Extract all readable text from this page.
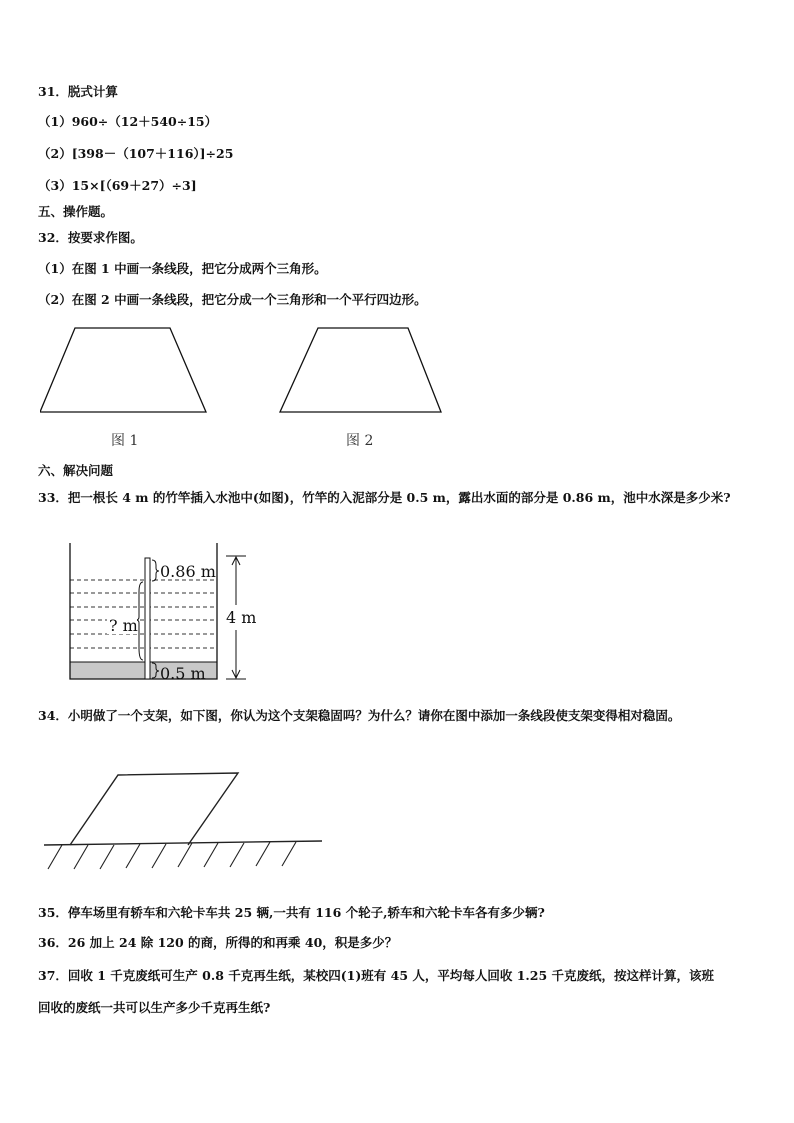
31．脱式计算
（1）960÷（12＋540÷15）
（2）[398－（107＋116）]÷25
（3）15×[（69＋27）÷3]
五、操作题。
32．按要求作图。
（1）在图 1 中画一条线段，把它分成两个三角形。
（2）在图 2 中画一条线段，把它分成一个三角形和一个平行四边形。
图 1	图 2
六、解决问题
33．把一根长 4 m 的竹竿插入水池中(如图)，竹竿的入泥部分是 0.5 m，露出水面的部分是 0.86 m，池中水深是多少米?
0.86 m
? m	4 m
0.5 m
34．小明做了一个支架，如下图，你认为这个支架稳固吗？为什么？请你在图中添加一条线段使支架变得相对稳固。
35．停车场里有轿车和六轮卡车共 25 辆,一共有 116 个轮子,轿车和六轮卡车各有多少辆?
36．26 加上 24 除 120 的商，所得的和再乘 40，积是多少？
37．回收 1 千克废纸可生产 0.8 千克再生纸，某校四(1)班有 45 人，平均每人回收 1.25 千克废纸，按这样计算，该班
回收的废纸一共可以生产多少千克再生纸?
